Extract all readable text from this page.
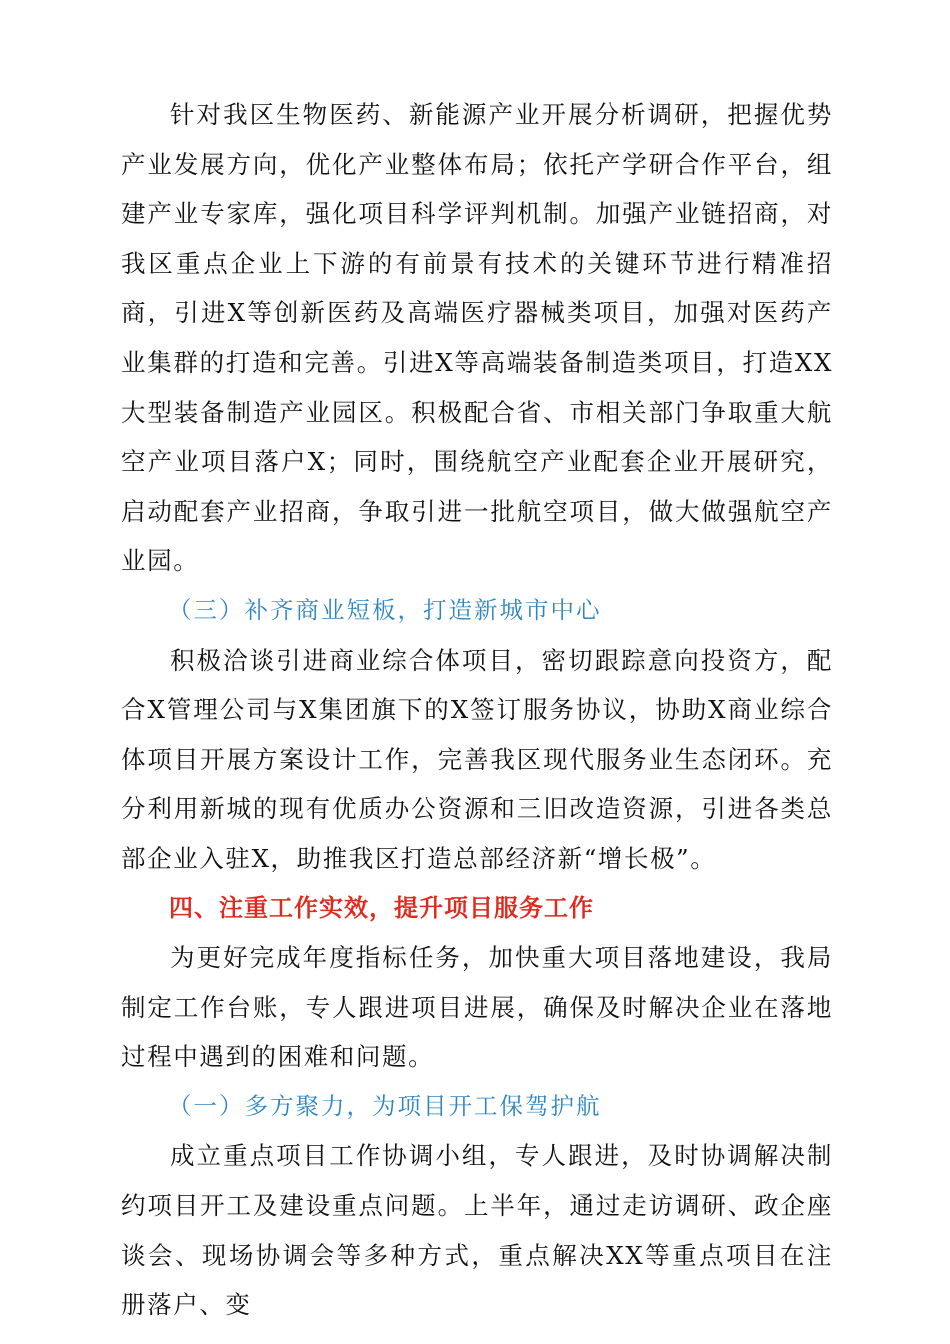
针对我区生物医药、新能源产业开展分析调研，把握优势产业发展方向，优化产业整体布局；依托产学研合作平台，组建产业专家库，强化项目科学评判机制。加强产业链招商，对我区重点企业上下游的有前景有技术的关键环节进行精准招商，引进X等创新医药及高端医疗器械类项目，加强对医药产业集群的打造和完善。引进X等高端装备制造类项目，打造XX大型装备制造产业园区。积极配合省、市相关部门争取重大航空产业项目落户X；同时，围绕航空产业配套企业开展研究，启动配套产业招商，争取引进一批航空项目，做大做强航空产业园。

（三）补齐商业短板，打造新城市中心

积极洽谈引进商业综合体项目，密切跟踪意向投资方，配合X管理公司与X集团旗下的X签订服务协议，协助X商业综合体项目开展方案设计工作，完善我区现代服务业生态闭环。充分利用新城的现有优质办公资源和三旧改造资源，引进各类总部企业入驻X，助推我区打造总部经济新“增长极”。

四、注重工作实效，提升项目服务工作

为更好完成年度指标任务，加快重大项目落地建设，我局制定工作台账，专人跟进项目进展，确保及时解决企业在落地过程中遇到的困难和问题。

（一）多方聚力，为项目开工保驾护航

成立重点项目工作协调小组，专人跟进，及时协调解决制约项目开工及建设重点问题。上半年，通过走访调研、政企座谈会、现场协调会等多种方式，重点解决XX等重点项目在注册落户、变
